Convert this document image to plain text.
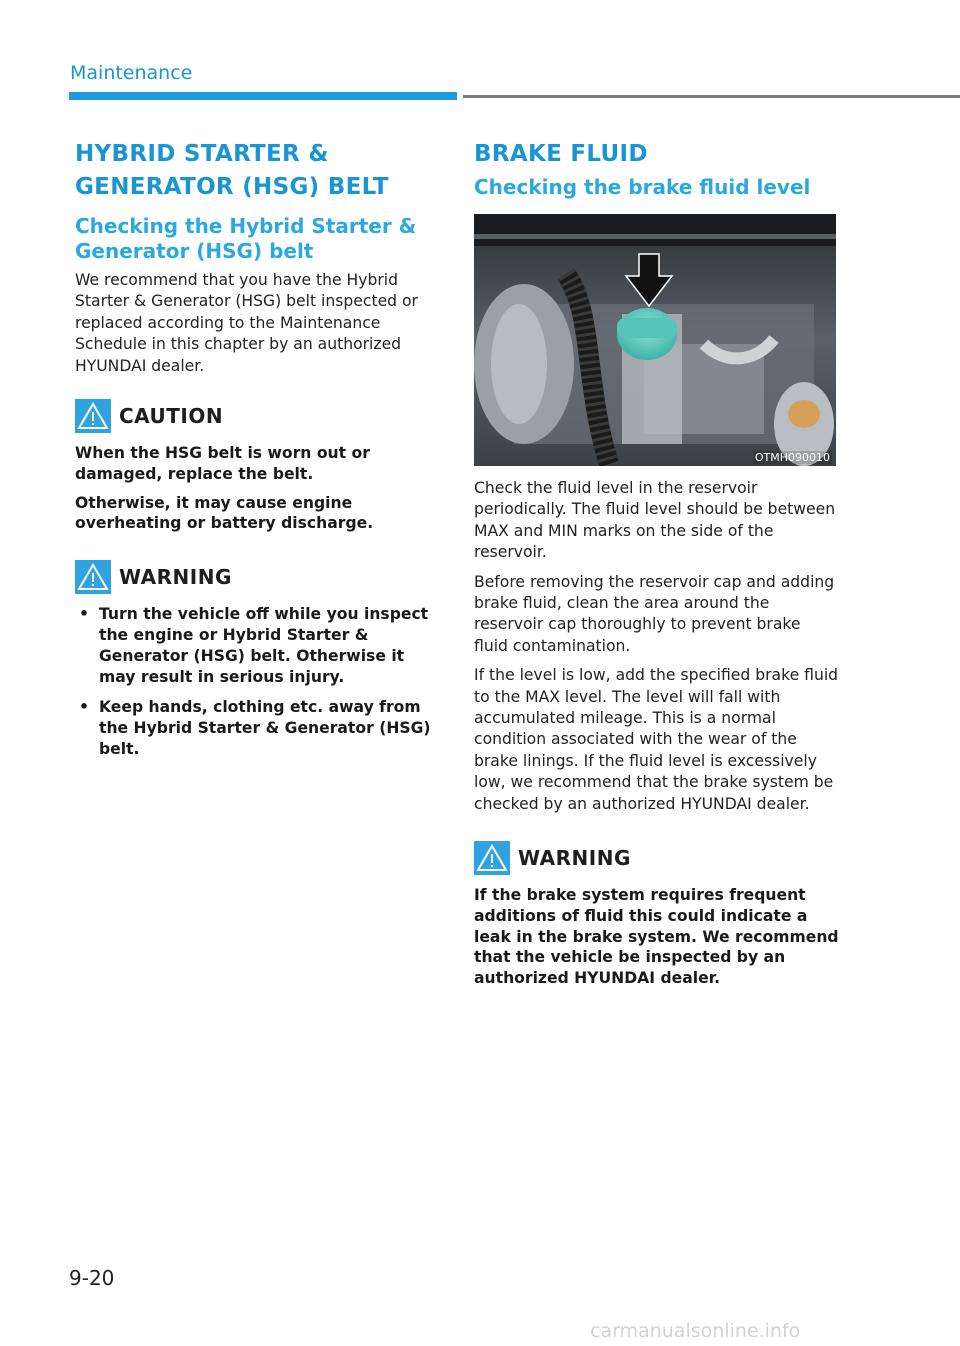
Maintenance
HYBRID STARTER &
GENERATOR (HSG) BELT
Checking the Hybrid Starter & Generator (HSG) belt

We recommend that you have the Hybrid Starter & Generator (HSG) belt inspected or replaced according to the Maintenance Schedule in this chapter by an authorized HYUNDAI dealer.

CAUTION

When the HSG belt is worn out or damaged, replace the belt.

Otherwise, it may cause engine overheating or battery discharge.

WARNING
• Turn the vehicle off while you inspect the engine or Hybrid Starter & Generator (HSG) belt. Otherwise it may result in serious injury.
• Keep hands, clothing etc. away from the Hybrid Starter & Generator (HSG) belt.
BRAKE FLUID
Checking the brake fluid level
OTMH090010

Check the fluid level in the reservoir periodically. The fluid level should be between MAX and MIN marks on the side of the reservoir.

Before removing the reservoir cap and adding brake fluid, clean the area around the reservoir cap thoroughly to prevent brake fluid contamination.

If the level is low, add the specified brake fluid to the MAX level. The level will fall with accumulated mileage. This is a normal condition associated with the wear of the brake linings. If the fluid level is excessively low, we recommend that the brake system be checked by an authorized HYUNDAI dealer.

WARNING

If the brake system requires frequent additions of fluid this could indicate a leak in the brake system. We recommend that the vehicle be inspected by an authorized HYUNDAI dealer.

9-20
carmanualsonline.info
